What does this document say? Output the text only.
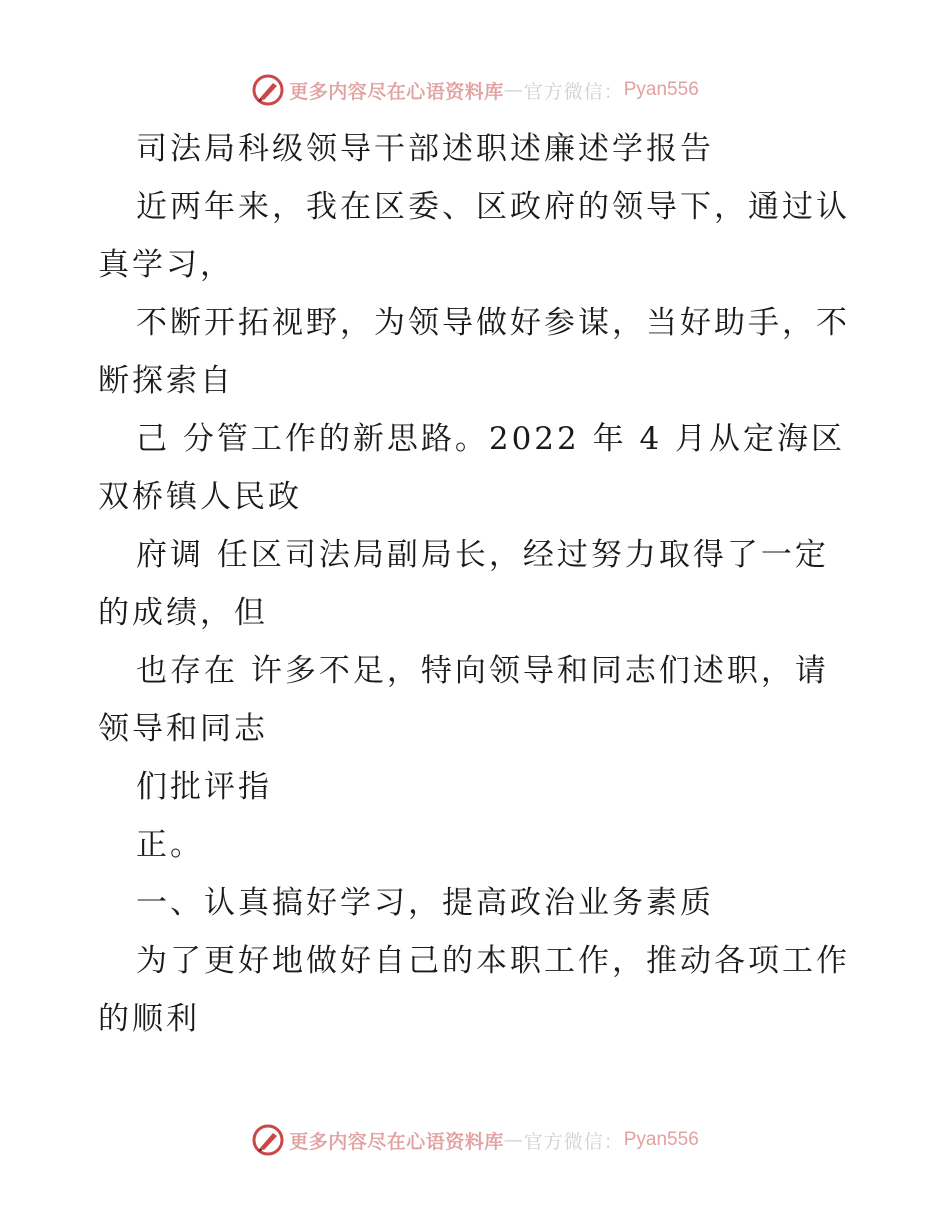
更多内容尽在心语资料库 — 官方微信： Pyan556
司法局科级领导干部述职述廉述学报告
近两年来，我在区委、区政府的领导下，通过认
真学习，
不断开拓视野，为领导做好参谋，当好助手，不
断探索自
己 分管工作的新思路。2022 年 4 月从定海区
双桥镇人民政
府调 任区司法局副局长，经过努力取得了一定
的成绩，但
也存在 许多不足，特向领导和同志们述职，请
领导和同志
们批评指
正。
一、认真搞好学习，提高政治业务素质
为了更好地做好自己的本职工作，推动各项工作
的顺利
更多内容尽在心语资料库 — 官方微信： Pyan556
